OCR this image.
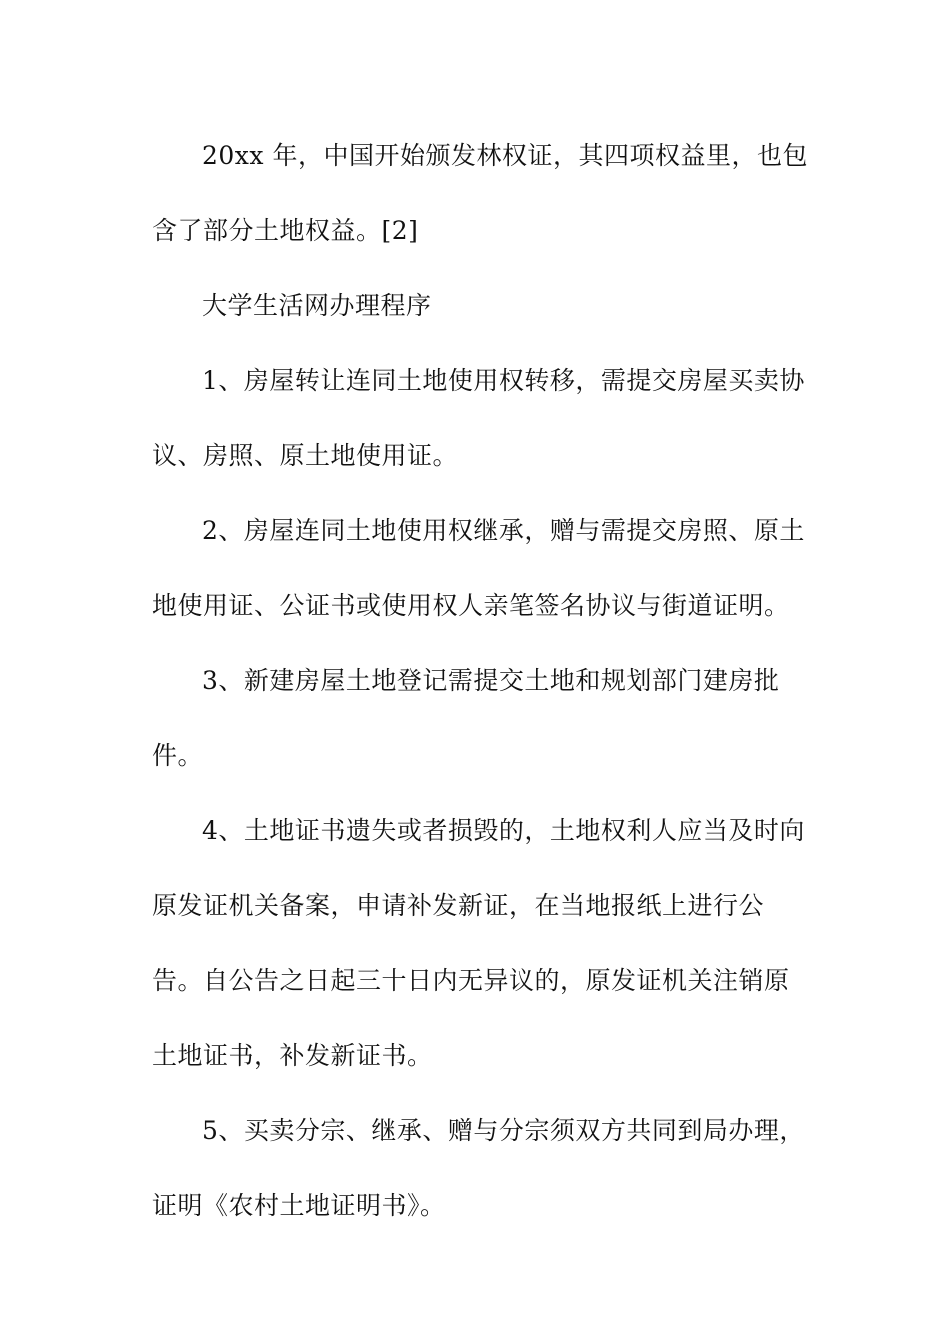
20xx 年，中国开始颁发林权证，其四项权益里，也包
含了部分土地权益。[2]
大学生活网办理程序
1、房屋转让连同土地使用权转移，需提交房屋买卖协
议、房照、原土地使用证。
2、房屋连同土地使用权继承，赠与需提交房照、原土
地使用证、公证书或使用权人亲笔签名协议与街道证明。
3、新建房屋土地登记需提交土地和规划部门建房批
件。
4、土地证书遗失或者损毁的，土地权利人应当及时向
原发证机关备案，申请补发新证，在当地报纸上进行公
告。自公告之日起三十日内无异议的，原发证机关注销原
土地证书，补发新证书。
5、买卖分宗、继承、赠与分宗须双方共同到局办理，
证明《农村土地证明书》。
